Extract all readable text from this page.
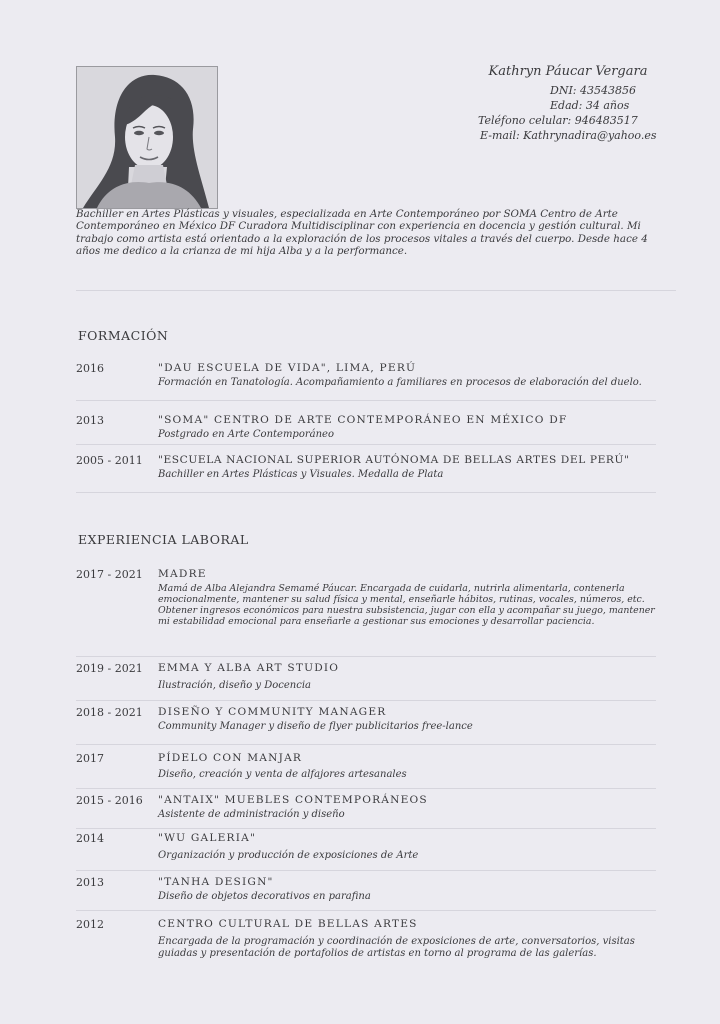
Kathryn Páucar Vergara
DNI: 43543856
Edad: 34 años
Teléfono celular: 946483517
E-mail: Kathrynadira@yahoo.es
Bachiller en Artes Plásticas y visuales, especializada en Arte Contemporáneo por SOMA Centro de Arte Contemporáneo en México DF Curadora Multidisciplinar con experiencia en docencia y gestión cultural. Mi trabajo como artista está orientado a la exploración de los procesos vitales a través del cuerpo. Desde hace 4 años me dedico a la crianza de mi hija Alba y a la performance.
FORMACIÓN
2016	"DAU ESCUELA DE VIDA", LIMA, PERÚ
Formación en Tanatología. Acompañamiento a familiares en procesos de elaboración del duelo.
2013	"SOMA" CENTRO DE ARTE CONTEMPORÁNEO EN MÉXICO DF
Postgrado en Arte Contemporáneo
2005 - 2011	"ESCUELA NACIONAL SUPERIOR AUTÓNOMA DE BELLAS ARTES DEL PERÚ"
Bachiller en Artes Plásticas y Visuales. Medalla de Plata
EXPERIENCIA LABORAL
2017 - 2021	MADRE
Mamá de Alba Alejandra Semamé Páucar. Encargada de cuidarla, nutrirla alimentarla, contenerla emocionalmente, mantener su salud física y mental, enseñarle hábitos, rutinas, vocales, números, etc. Obtener ingresos económicos para nuestra subsistencia, jugar con ella y acompañar su juego, mantener mi estabilidad emocional para enseñarle a gestionar sus emociones y desarrollar paciencia.
2019 - 2021	EMMA Y ALBA ART STUDIO
Ilustración, diseño y Docencia
2018 - 2021	DISEÑO Y COMMUNITY MANAGER
Community Manager y diseño de flyer publicitarios free-lance
2017	PÍDELO CON MANJAR
Diseño, creación y venta de alfajores artesanales
2015 - 2016	"ANTAIX" MUEBLES CONTEMPORÁNEOS
Asistente de administración y diseño
2014	"WU GALERIA"
Organización y producción de exposiciones de Arte
2013	"TANHA DESIGN"
Diseño de objetos decorativos en parafina
2012	CENTRO CULTURAL DE BELLAS ARTES
Encargada de la programación y coordinación de exposiciones de arte, conversatorios, visitas guiadas y presentación de portafolios de artistas en torno al programa de las galerías.
